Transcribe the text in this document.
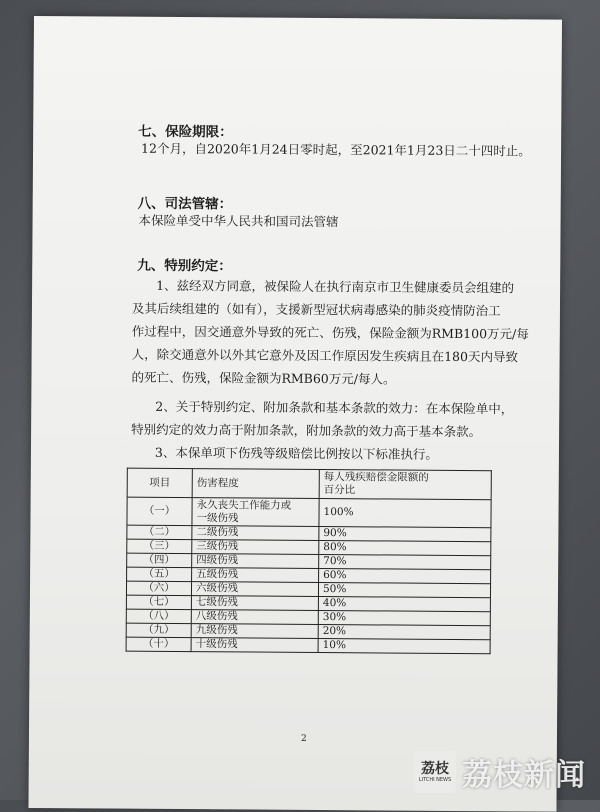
七、保险期限：
12个月，自2020年1月24日零时起，至2021年1月23日二十四时止。
八、司法管辖：
本保险单受中华人民共和国司法管辖
九、特别约定：
1、兹经双方同意，被保险人在执行南京市卫生健康委员会组建的
及其后续组建的（如有），支援新型冠状病毒感染的肺炎疫情防治工
作过程中，因交通意外导致的死亡、伤残，保险金额为RMB100万元/每
人，除交通意外以外其它意外及因工作原因发生疾病且在180天内导致
的死亡、伤残，保险金额为RMB60万元/每人。
2、关于特别约定、附加条款和基本条款的效力：在本保险单中，
特别约定的效力高于附加条款，附加条款的效力高于基本条款。
3、本保单项下伤残等级赔偿比例按以下标准执行。
项目	伤害程度	每人残疾赔偿金限额的
百分比

（一）	永久丧失工作能力或
一级伤残	100%
（二）	二级伤残	90%
（三）	三级伤残	80%
（四）	四级伤残	70%
（五）	五级伤残	60%
（六）	六级伤残	50%
（七）	七级伤残	40%
（八）	八级伤残	30%
（九）	九级伤残	20%
（十）	十级伤残	10%
2
荔枝
LITCHI NEWS 荔枝新闻
